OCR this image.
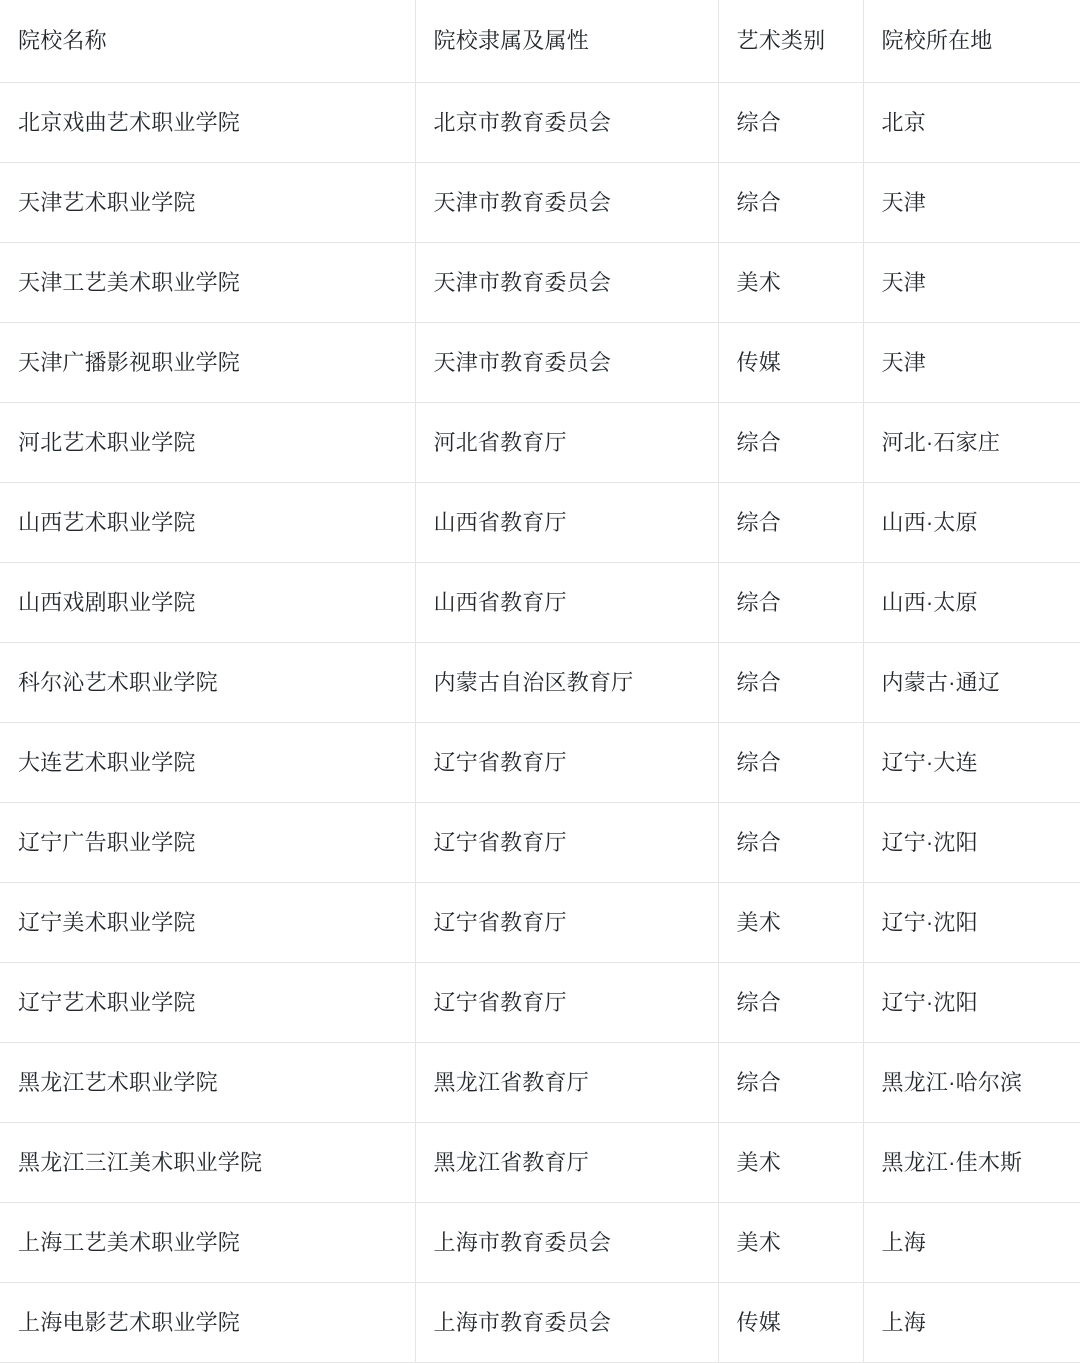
院校名称	院校隶属及属性	艺术类别	院校所在地
北京戏曲艺术职业学院	北京市教育委员会	综合	北京
天津艺术职业学院	天津市教育委员会	综合	天津
天津工艺美术职业学院	天津市教育委员会	美术	天津
天津广播影视职业学院	天津市教育委员会	传媒	天津
河北艺术职业学院	河北省教育厅	综合	河北·石家庄
山西艺术职业学院	山西省教育厅	综合	山西·太原
山西戏剧职业学院	山西省教育厅	综合	山西·太原
科尔沁艺术职业学院	内蒙古自治区教育厅	综合	内蒙古·通辽
大连艺术职业学院	辽宁省教育厅	综合	辽宁·大连
辽宁广告职业学院	辽宁省教育厅	综合	辽宁·沈阳
辽宁美术职业学院	辽宁省教育厅	美术	辽宁·沈阳
辽宁艺术职业学院	辽宁省教育厅	综合	辽宁·沈阳
黑龙江艺术职业学院	黑龙江省教育厅	综合	黑龙江·哈尔滨
黑龙江三江美术职业学院	黑龙江省教育厅	美术	黑龙江·佳木斯
上海工艺美术职业学院	上海市教育委员会	美术	上海
上海电影艺术职业学院	上海市教育委员会	传媒	上海
